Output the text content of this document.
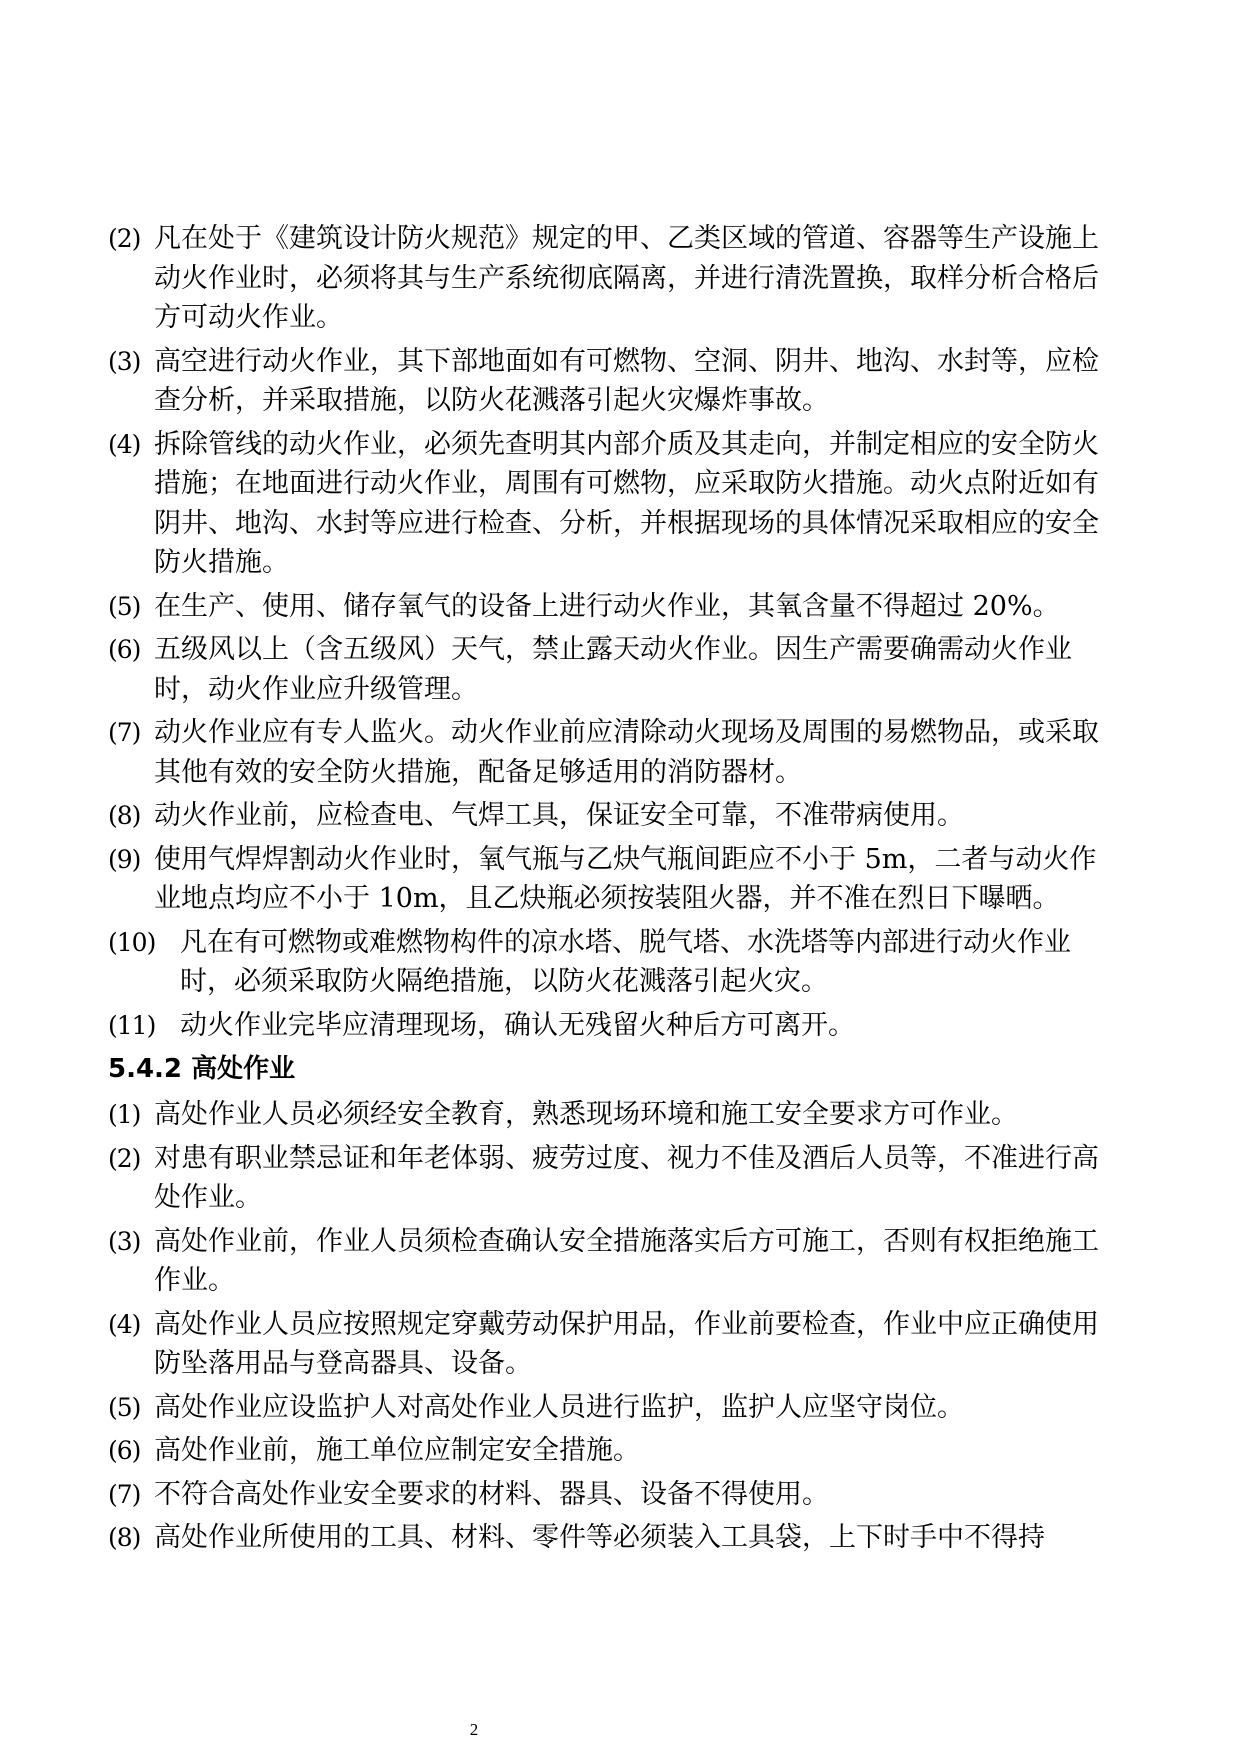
(2) 凡在处于《建筑设计防火规范》规定的甲、乙类区域的管道、容器等生产设施上动火作业时，必须将其与生产系统彻底隔离，并进行清洗置换，取样分析合格后方可动火作业。
(3) 高空进行动火作业，其下部地面如有可燃物、空洞、阴井、地沟、水封等，应检查分析，并采取措施，以防火花溅落引起火灾爆炸事故。
(4) 拆除管线的动火作业，必须先查明其内部介质及其走向，并制定相应的安全防火措施；在地面进行动火作业，周围有可燃物，应采取防火措施。动火点附近如有阴井、地沟、水封等应进行检查、分析，并根据现场的具体情况采取相应的安全防火措施。
(5) 在生产、使用、储存氧气的设备上进行动火作业，其氧含量不得超过 20%。
(6) 五级风以上（含五级风）天气，禁止露天动火作业。因生产需要确需动火作业时，动火作业应升级管理。
(7) 动火作业应有专人监火。动火作业前应清除动火现场及周围的易燃物品，或采取其他有效的安全防火措施，配备足够适用的消防器材。
(8) 动火作业前，应检查电、气焊工具，保证安全可靠，不准带病使用。
(9) 使用气焊焊割动火作业时，氧气瓶与乙炔气瓶间距应不小于 5m，二者与动火作业地点均应不小于 10m，且乙炔瓶必须按装阻火器，并不准在烈日下曝晒。
(10) 凡在有可燃物或难燃物构件的凉水塔、脱气塔、水洗塔等内部进行动火作业时，必须采取防火隔绝措施，以防火花溅落引起火灾。
(11) 动火作业完毕应清理现场，确认无残留火种后方可离开。
5.4.2 高处作业
(1) 高处作业人员必须经安全教育，熟悉现场环境和施工安全要求方可作业。
(2) 对患有职业禁忌证和年老体弱、疲劳过度、视力不佳及酒后人员等，不准进行高处作业。
(3) 高处作业前，作业人员须检查确认安全措施落实后方可施工，否则有权拒绝施工作业。
(4) 高处作业人员应按照规定穿戴劳动保护用品，作业前要检查，作业中应正确使用防坠落用品与登高器具、设备。
(5) 高处作业应设监护人对高处作业人员进行监护，监护人应坚守岗位。
(6) 高处作业前，施工单位应制定安全措施。
(7) 不符合高处作业安全要求的材料、器具、设备不得使用。
(8) 高处作业所使用的工具、材料、零件等必须装入工具袋，上下时手中不得持
2
